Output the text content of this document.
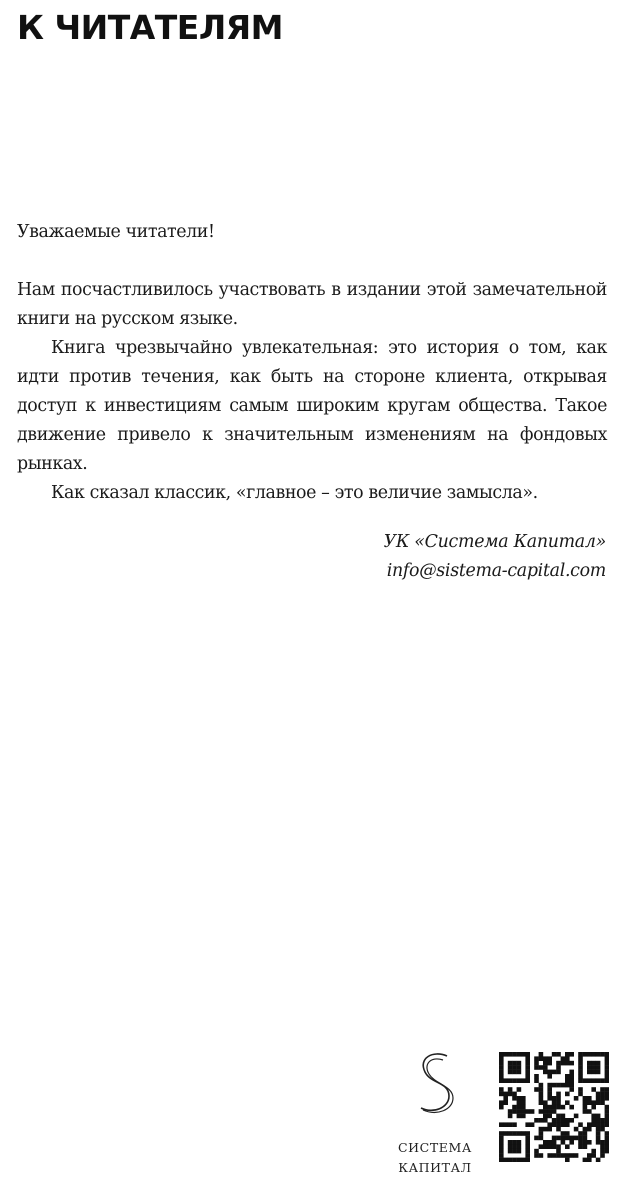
К ЧИТАТЕЛЯМ

Уважаемые читатели!

Нам посчастливилось участвовать в издании этой замечательной книги на русском языке.

Книга чрезвычайно увлекательная: это история о том, как идти против течения, как быть на стороне клиента, открывая доступ к инвестициям самым широким кругам общества. Такое движение привело к значительным изменениям на фондовых рынках.

Как сказал классик, «главное – это величие замысла».

УК «Система Капитал»
info@sistema-capital.com
СИСТЕМА
КАПИТАЛ
